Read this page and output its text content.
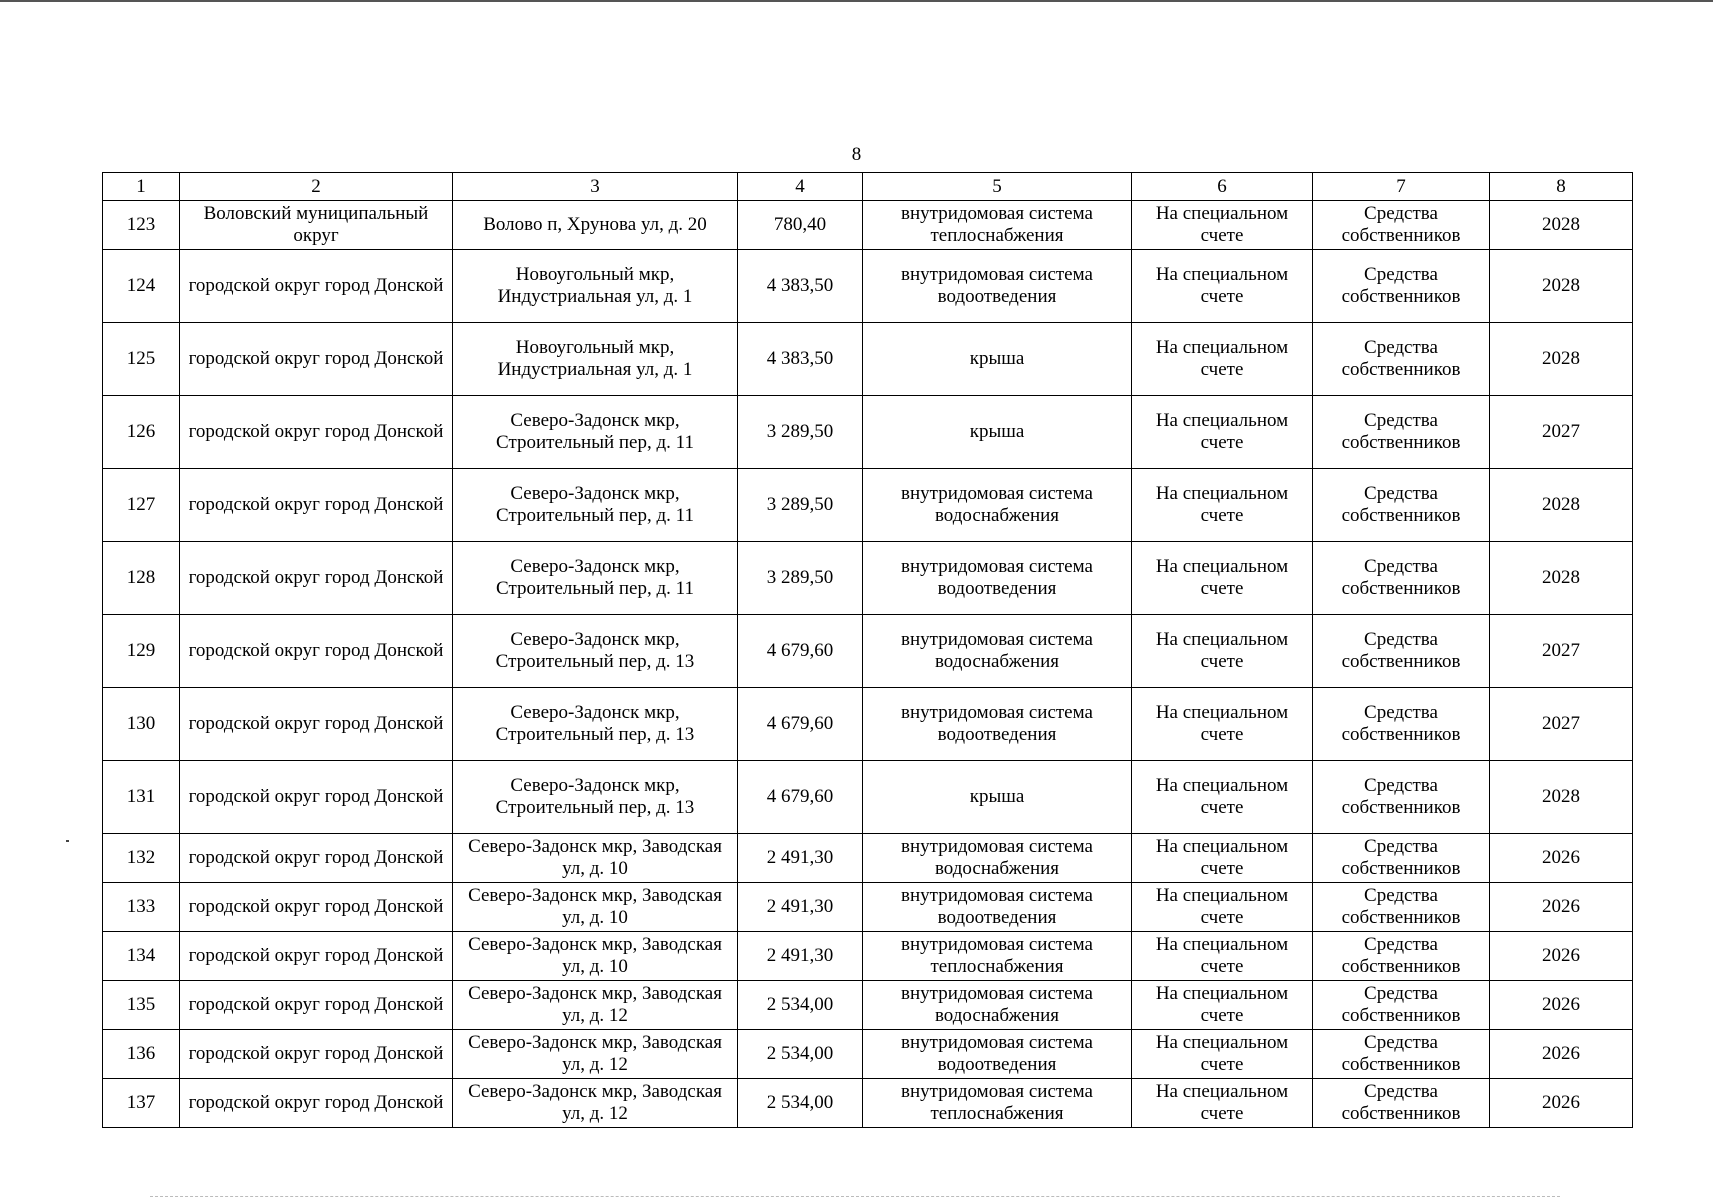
8
1	2	3	4	5	6	7	8
123	Воловский муниципальный округ	Волово п, Хрунова ул, д. 20	780,40	внутридомовая система теплоснабжения	На специальном счете	Средства собственников	2028
124	городской округ город Донской	Новоугольный мкр, Индустриальная ул, д. 1	4 383,50	внутридомовая система водоотведения	На специальном счете	Средства собственников	2028
125	городской округ город Донской	Новоугольный мкр, Индустриальная ул, д. 1	4 383,50	крыша	На специальном счете	Средства собственников	2028
126	городской округ город Донской	Северо-Задонск мкр, Строительный пер, д. 11	3 289,50	крыша	На специальном счете	Средства собственников	2027
127	городской округ город Донской	Северо-Задонск мкр, Строительный пер, д. 11	3 289,50	внутридомовая система водоснабжения	На специальном счете	Средства собственников	2028
128	городской округ город Донской	Северо-Задонск мкр, Строительный пер, д. 11	3 289,50	внутридомовая система водоотведения	На специальном счете	Средства собственников	2028
129	городской округ город Донской	Северо-Задонск мкр, Строительный пер, д. 13	4 679,60	внутридомовая система водоснабжения	На специальном счете	Средства собственников	2027
130	городской округ город Донской	Северо-Задонск мкр, Строительный пер, д. 13	4 679,60	внутридомовая система водоотведения	На специальном счете	Средства собственников	2027
131	городской округ город Донской	Северо-Задонск мкр, Строительный пер, д. 13	4 679,60	крыша	На специальном счете	Средства собственников	2028
132	городской округ город Донской	Северо-Задонск мкр, Заводская ул, д. 10	2 491,30	внутридомовая система водоснабжения	На специальном счете	Средства собственников	2026
133	городской округ город Донской	Северо-Задонск мкр, Заводская ул, д. 10	2 491,30	внутридомовая система водоотведения	На специальном счете	Средства собственников	2026
134	городской округ город Донской	Северо-Задонск мкр, Заводская ул, д. 10	2 491,30	внутридомовая система теплоснабжения	На специальном счете	Средства собственников	2026
135	городской округ город Донской	Северо-Задонск мкр, Заводская ул, д. 12	2 534,00	внутридомовая система водоснабжения	На специальном счете	Средства собственников	2026
136	городской округ город Донской	Северо-Задонск мкр, Заводская ул, д. 12	2 534,00	внутридомовая система водоотведения	На специальном счете	Средства собственников	2026
137	городской округ город Донской	Северо-Задонск мкр, Заводская ул, д. 12	2 534,00	внутридомовая система теплоснабжения	На специальном счете	Средства собственников	2026
